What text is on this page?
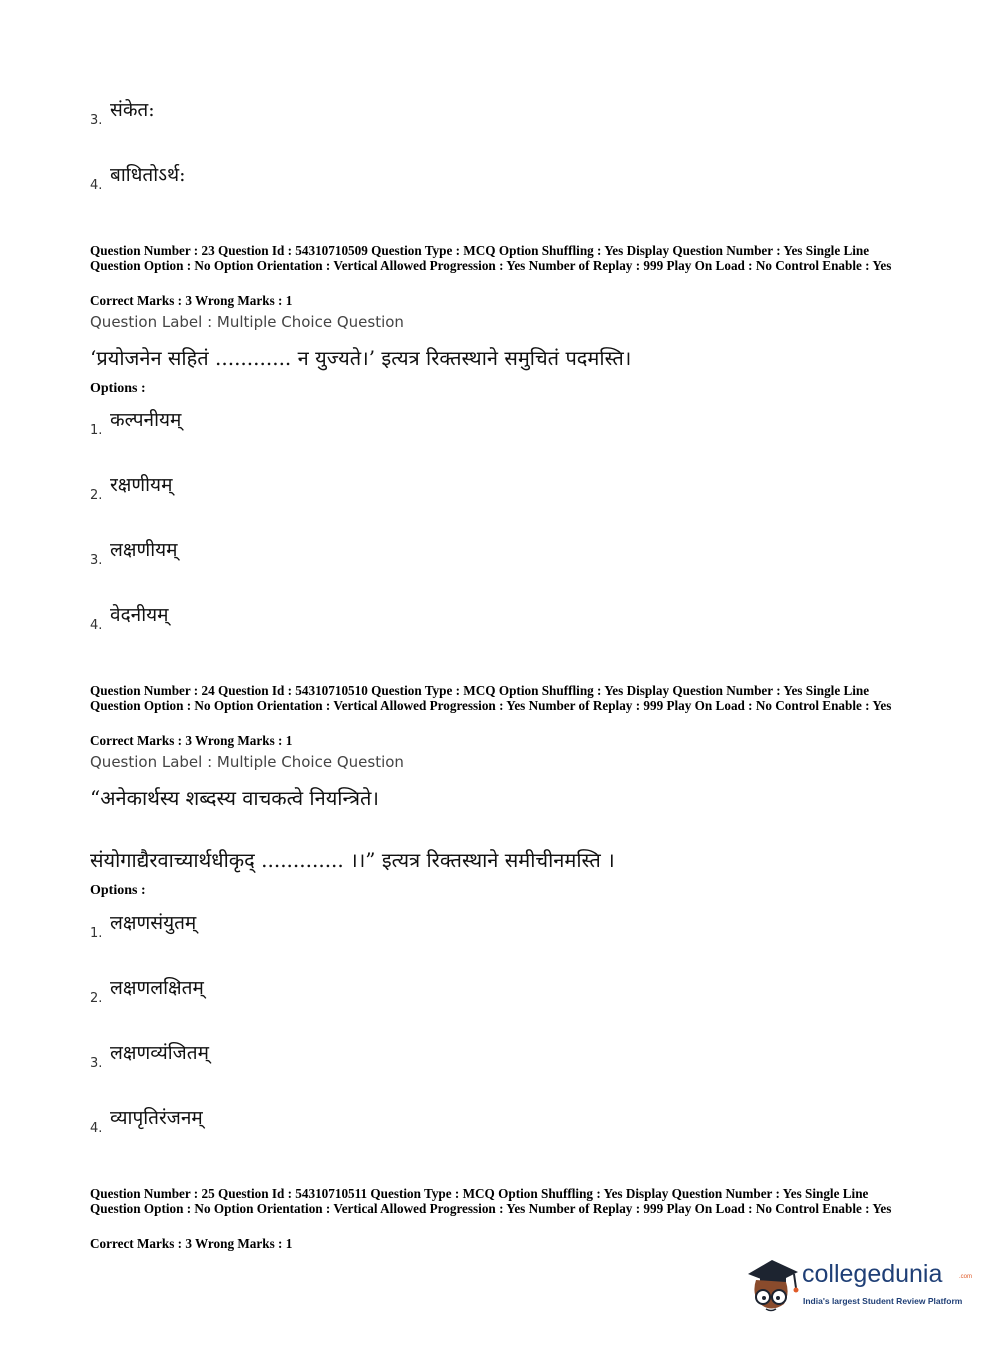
3. संकेत:
4. बाधितोऽर्थ:
Question Number : 23 Question Id : 54310710509 Question Type : MCQ Option Shuffling : Yes Display Question Number : Yes Single Line Question Option : No Option Orientation : Vertical Allowed Progression : Yes Number of Replay : 999 Play On Load : No Control Enable : Yes
Correct Marks : 3 Wrong Marks : 1
Question Label : Multiple Choice Question
‘प्रयोजनेन सहितं ............ न युज्यते।’ इत्यत्र रिक्तस्थाने समुचितं पदमस्ति।
Options :
1. कल्पनीयम्
2. रक्षणीयम्
3. लक्षणीयम्
4. वेदनीयम्
Question Number : 24 Question Id : 54310710510 Question Type : MCQ Option Shuffling : Yes Display Question Number : Yes Single Line Question Option : No Option Orientation : Vertical Allowed Progression : Yes Number of Replay : 999 Play On Load : No Control Enable : Yes
Correct Marks : 3 Wrong Marks : 1
Question Label : Multiple Choice Question
“अनेकार्थस्य शब्दस्य वाचकत्वे नियन्त्रिते।
संयोगाद्यैरवाच्यार्थधीकृद् ............. ।।” इत्यत्र रिक्तस्थाने समीचीनमस्ति ।
Options :
1. लक्षणसंयुतम्
2. लक्षणलक्षितम्
3. लक्षणव्यंजितम्
4. व्यापृतिरंजनम्
Question Number : 25 Question Id : 54310710511 Question Type : MCQ Option Shuffling : Yes Display Question Number : Yes Single Line Question Option : No Option Orientation : Vertical Allowed Progression : Yes Number of Replay : 999 Play On Load : No Control Enable : Yes
Correct Marks : 3 Wrong Marks : 1
collegedunia	.com
India's largest Student Review Platform
